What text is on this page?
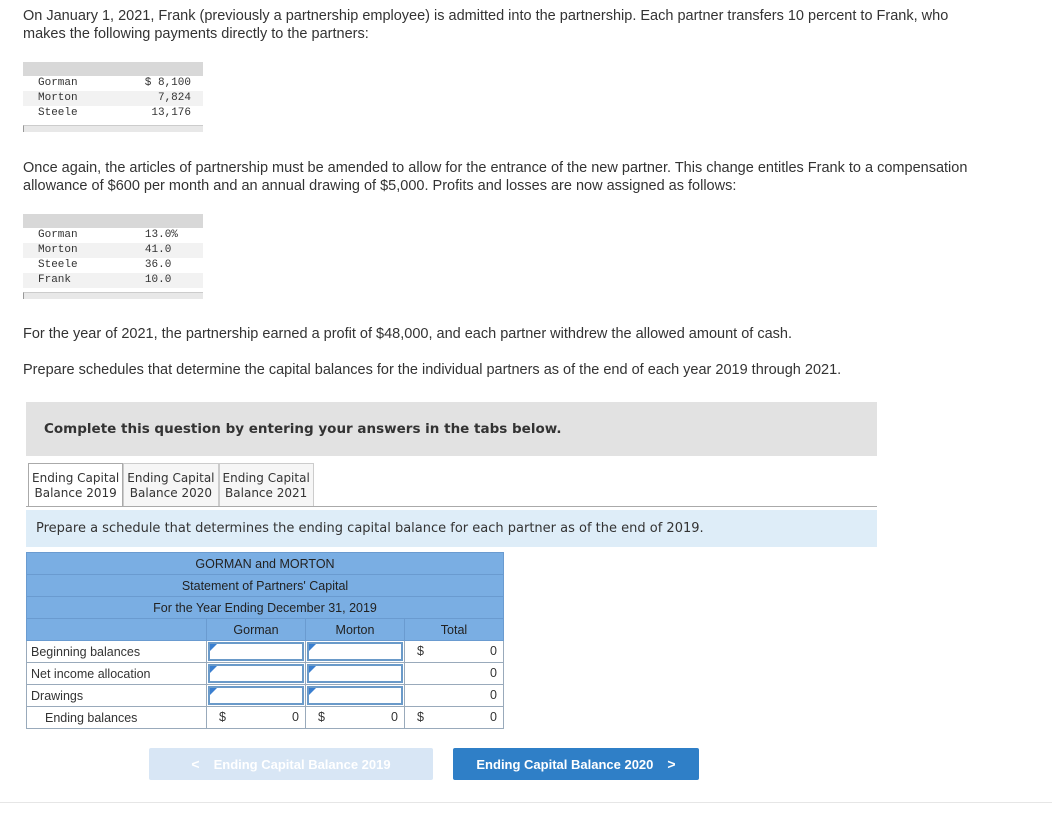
On January 1, 2021, Frank (previously a partnership employee) is admitted into the partnership. Each partner transfers 10 percent to Frank, who makes the following payments directly to the partners:
Gorman	$ 8,100
Morton	7,824
Steele	13,176
Once again, the articles of partnership must be amended to allow for the entrance of the new partner. This change entitles Frank to a compensation allowance of $600 per month and an annual drawing of $5,000. Profits and losses are now assigned as follows:
Gorman	13.0%
Morton	41.0
Steele	36.0
Frank	10.0
For the year of 2021, the partnership earned a profit of $48,000, and each partner withdrew the allowed amount of cash.
Prepare schedules that determine the capital balances for the individual partners as of the end of each year 2019 through 2021.
Complete this question by entering your answers in the tabs below.
Ending Capital
Balance 2019
Ending Capital
Balance 2020
Ending Capital
Balance 2021
Prepare a schedule that determines the ending capital balance for each partner as of the end of 2019.
GORMAN and MORTON			
Statement of Partners' Capital			
For the Year Ending December 31, 2019			
	Gorman	Morton	Total
Beginning balances			$ 0

Net income allocation			0

Drawings			0

Ending balances	$ 0	$ 0	$ 0
< Ending Capital Balance 2019	Ending Capital Balance 2020 >
